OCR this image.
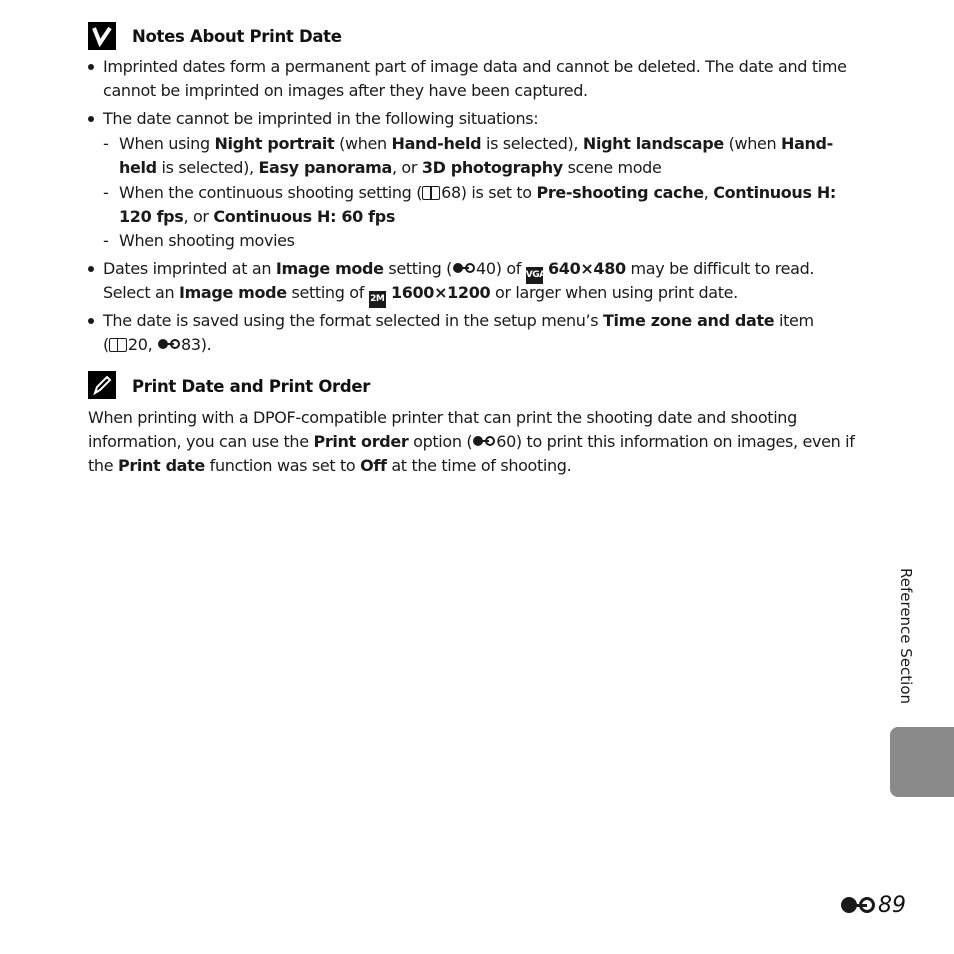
Notes About Print Date
Imprinted dates form a permanent part of image data and cannot be deleted. The date and time
cannot be imprinted on images after they have been captured.
The date cannot be imprinted in the following situations:
- When using Night portrait (when Hand-held is selected), Night landscape (when Hand-
held is selected), Easy panorama, or 3D photography scene mode
- When the continuous shooting setting ( 68) is set to Pre-shooting cache, Continuous H:
120 fps, or Continuous H: 60 fps
- When shooting movies
Dates imprinted at an Image mode setting ( 40) of VGA 640×480 may be difficult to read.
Select an Image mode setting of 2M 1600×1200 or larger when using print date.
The date is saved using the format selected in the setup menu’s Time zone and date item
( 20,
83).
Print Date and Print Order
When printing with a DPOF-compatible printer that can print the shooting date and shooting
information, you can use the Print order option ( 60) to print this information on images, even if
the Print date function was set to Off at the time of shooting.
Reference Section
89
